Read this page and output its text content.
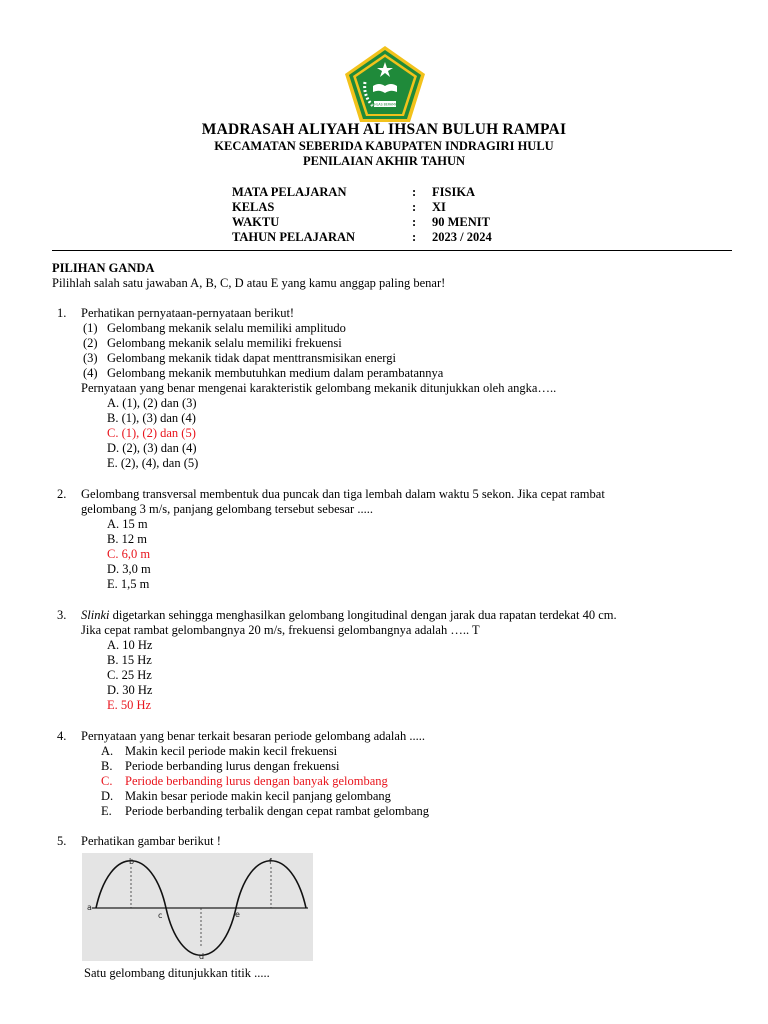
IKHLAS BERAMAL
MADRASAH ALIYAH AL IHSAN BULUH RAMPAI
KECAMATAN SEBERIDA KABUPATEN INDRAGIRI HULU
PENILAIAN AKHIR TAHUN
MATA PELAJARAN	:	FISIKA
KELAS	:	XI
WAKTU	:	90 MENIT
TAHUN PELAJARAN	:	2023 / 2024
PILIHAN GANDA
Pilihlah salah satu jawaban A, B, C, D atau E yang kamu anggap paling benar!
1. Perhatikan pernyataan-pernyataan berikut!
(1) Gelombang mekanik selalu memiliki amplitudo
(2) Gelombang mekanik selalu memiliki frekuensi
(3) Gelombang mekanik tidak dapat menttransmisikan energi
(4) Gelombang mekanik membutuhkan medium dalam perambatannya
Pernyataan yang benar mengenai karakteristik gelombang mekanik ditunjukkan oleh angka…..
A. (1), (2) dan (3)
B. (1), (3) dan (4)
C. (1), (2) dan (5)
D. (2), (3) dan (4)
E. (2), (4), dan (5)
2. Gelombang transversal membentuk dua puncak dan tiga lembah dalam waktu 5 sekon. Jika cepat rambat
gelombang 3 m/s, panjang gelombang tersebut sebesar .....
A. 15 m
B. 12 m
C. 6,0 m
D. 3,0 m
E. 1,5 m
3. Slinki digetarkan sehingga menghasilkan gelombang longitudinal dengan jarak dua rapatan terdekat 40 cm.
Jika cepat rambat gelombangnya 20 m/s, frekuensi gelombangnya adalah ….. T
A. 10 Hz
B. 15 Hz
C. 25 Hz
D. 30 Hz
E. 50 Hz
4. Pernyataan yang benar terkait besaran periode gelombang adalah .....
A. Makin kecil periode makin kecil frekuensi
B.	Periode berbanding lurus dengan frekuensi
C.	Periode berbanding lurus dengan banyak gelombang
D. Makin besar periode makin kecil panjang gelombang
E.	Periode berbanding terbalik dengan cepat rambat gelombang
5. Perhatikan gambar berikut !
a
b
c
d
e
f
Satu gelombang ditunjukkan titik .....
